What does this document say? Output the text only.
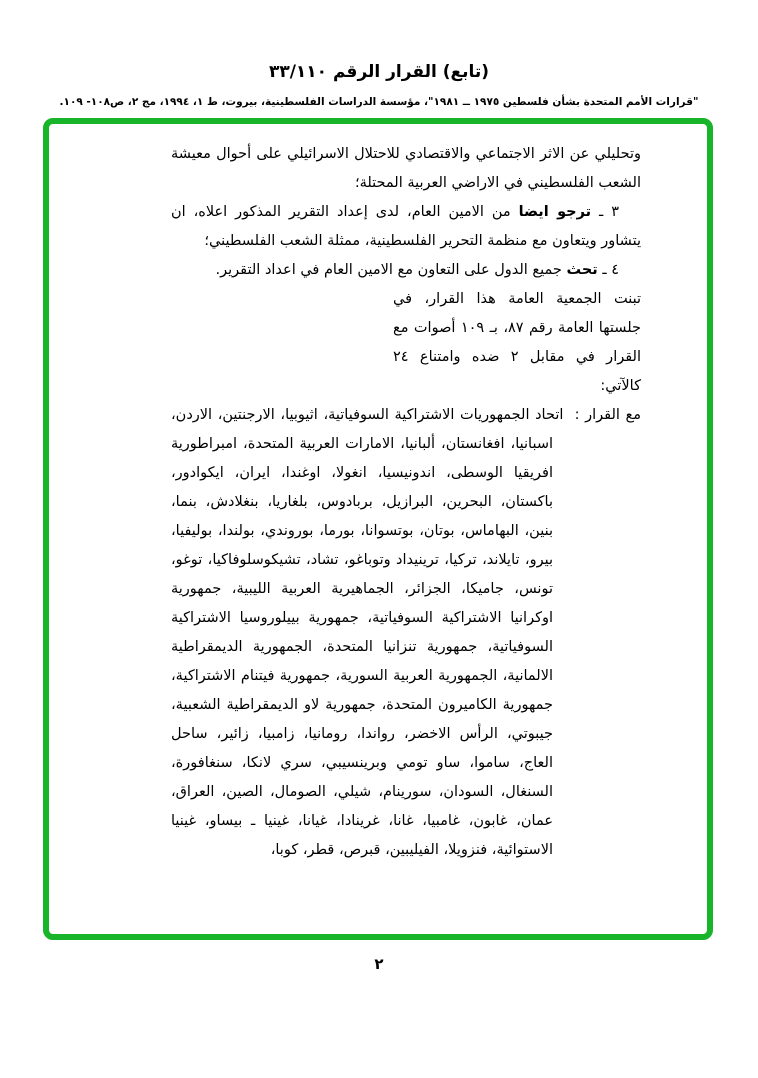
(تابع) القرار الرقم ٣٣/١١٠
"قرارات الأمم المتحدة بشأن فلسطين ١٩٧٥ ــ ١٩٨١"، مؤسسة الدراسات الفلسطينية، بيروت، ط ١، ١٩٩٤، مج ٢، ص١٠٨- ١٠٩.

وتحليلي عن الاثر الاجتماعي والاقتصادي للاحتلال الاسرائيلي على أحوال معيشة الشعب الفلسطيني في الاراضي العربية المحتلة؛

٣ ـ ترجو ايضا من الامين العام، لدى إعداد التقرير المذكور اعلاه، ان يتشاور ويتعاون مع منظمة التحرير الفلسطينية، ممثلة الشعب الفلسطيني؛

٤ ـ تحث جميع الدول على التعاون مع الامين العام في اعداد التقرير.

تبنت الجمعية العامة هذا القرار، في جلستها العامة رقم ٨٧، بـ ١٠٩ أصوات مع القرار في مقابل ٢ ضده وامتناع ٢٤ كالآتي:

مع القرار :  اتحاد الجمهوريات الاشتراكية السوفياتية، اثيوبيا، الارجنتين، الاردن، اسبانيا، افغانستان، ألبانيا، الامارات العربية المتحدة، امبراطورية افريقيا الوسطى، اندونيسيا، انغولا، اوغندا، ايران، ايكوادور، باكستان، البحرين، البرازيل، بربادوس، بلغاريا، بنغلادش، بنما، بنين، البهاماس، بوتان، بوتسوانا، بورما، بوروندي، بولندا، بوليفيا، بيرو، تايلاند، تركيا، ترينيداد وتوباغو، تشاد، تشيكوسلوفاكيا، توغو، تونس، جاميكا، الجزائر، الجماهيرية العربية الليبية، جمهورية اوكرانيا الاشتراكية السوفياتية، جمهورية بييلوروسيا الاشتراكية السوفياتية، جمهورية تنزانيا المتحدة، الجمهورية الديمقراطية الالمانية، الجمهورية العربية السورية، جمهورية فيتنام الاشتراكية، جمهورية الكاميرون المتحدة، جمهورية لاو الديمقراطية الشعبية، جيبوتي، الرأس الاخضر، رواندا، رومانيا، زامبيا، زائير، ساحل العاج، ساموا، ساو تومي وبرينسيبي، سري لانكا، سنغافورة، السنغال، السودان، سورينام، شيلي، الصومال، الصين، العراق، عمان، غابون، غامبيا، غانا، غرينادا، غيانا، غينيا ـ بيساو، غينيا الاستوائية، فنزويلا، الفيليبين، قبرص، قطر، كوبا،

٢
